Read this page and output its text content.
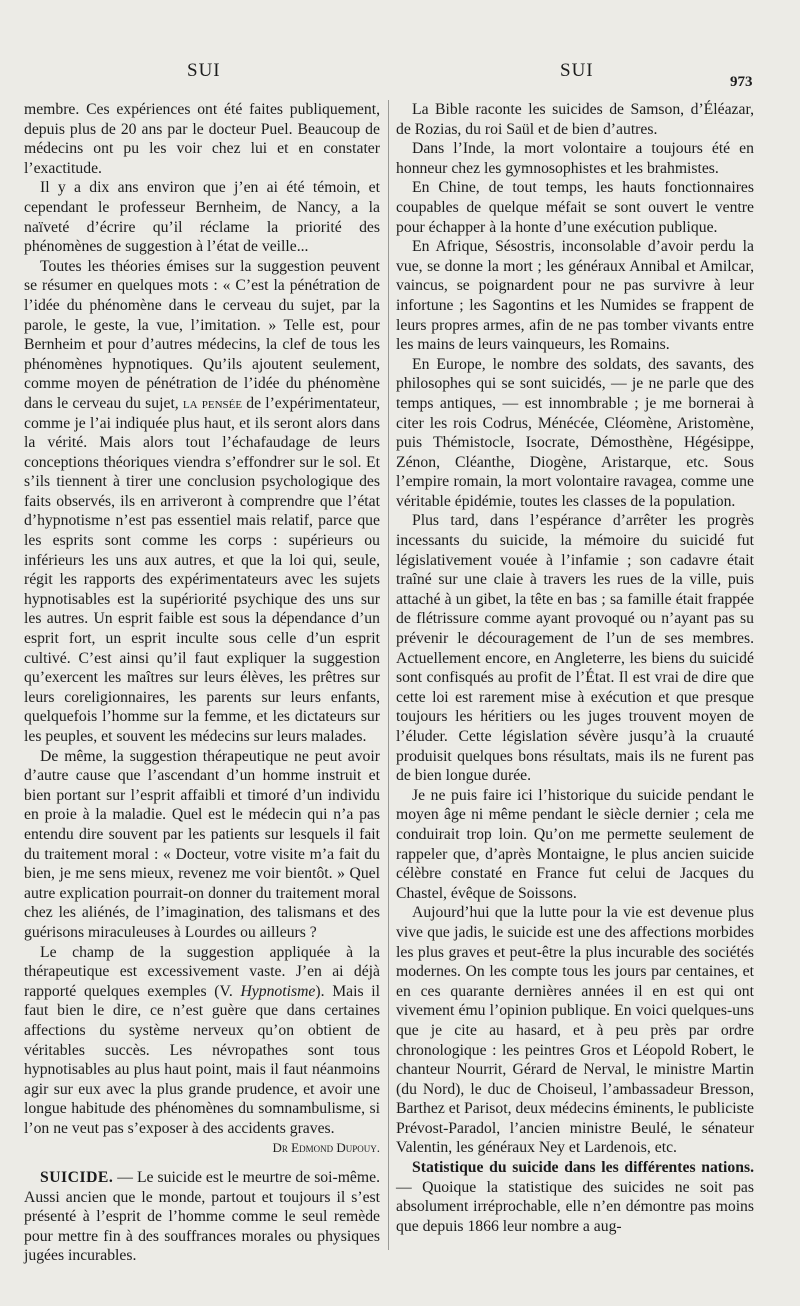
SUI	SUI
973

membre. Ces expériences ont été faites publiquement, depuis plus de 20 ans par le docteur Puel. Beaucoup de médecins ont pu les voir chez lui et en constater l’exactitude.

Il y a dix ans environ que j’en ai été témoin, et cependant le professeur Bernheim, de Nancy, a la naïveté d’écrire qu’il réclame la priorité des phénomènes de suggestion à l’état de veille...

Toutes les théories émises sur la suggestion peuvent se résumer en quelques mots : « C’est la pénétration de l’idée du phénomène dans le cerveau du sujet, par la parole, le geste, la vue, l’imitation. » Telle est, pour Bernheim et pour d’autres médecins, la clef de tous les phénomènes hypnotiques. Qu’ils ajoutent seulement, comme moyen de pénétration de l’idée du phénomène dans le cerveau du sujet, la pensée de l’expérimentateur, comme je l’ai indiquée plus haut, et ils seront alors dans la vérité. Mais alors tout l’échafaudage de leurs conceptions théoriques viendra s’effondrer sur le sol. Et s’ils tiennent à tirer une conclusion psychologique des faits observés, ils en arriveront à comprendre que l’état d’hypnotisme n’est pas essentiel mais relatif, parce que les esprits sont comme les corps : supérieurs ou inférieurs les uns aux autres, et que la loi qui, seule, régit les rapports des expérimentateurs avec les sujets hypnotisables est la supériorité psychique des uns sur les autres. Un esprit faible est sous la dépendance d’un esprit fort, un esprit inculte sous celle d’un esprit cultivé. C’est ainsi qu’il faut expliquer la suggestion qu’exercent les maîtres sur leurs élèves, les prêtres sur leurs coreligionnaires, les parents sur leurs enfants, quelquefois l’homme sur la femme, et les dictateurs sur les peuples, et souvent les médecins sur leurs malades.

De même, la suggestion thérapeutique ne peut avoir d’autre cause que l’ascendant d’un homme instruit et bien portant sur l’esprit affaibli et timoré d’un individu en proie à la maladie. Quel est le médecin qui n’a pas entendu dire souvent par les patients sur lesquels il fait du traitement moral : « Docteur, votre visite m’a fait du bien, je me sens mieux, revenez me voir bientôt. » Quel autre explication pourrait-on donner du traitement moral chez les aliénés, de l’imagination, des talismans et des guérisons miraculeuses à Lourdes ou ailleurs ?

Le champ de la suggestion appliquée à la thérapeutique est excessivement vaste. J’en ai déjà rapporté quelques exemples (V. Hypnotisme). Mais il faut bien le dire, ce n’est guère que dans certaines affections du système nerveux qu’on obtient de véritables succès. Les névropathes sont tous hypnotisables au plus haut point, mais il faut néanmoins agir sur eux avec la plus grande prudence, et avoir une longue habitude des phénomènes du somnambulisme, si l’on ne veut pas s’exposer à des accidents graves.
Dr Edmond Dupouy.

SUICIDE. — Le suicide est le meurtre de soi-même. Aussi ancien que le monde, partout et toujours il s’est présenté à l’esprit de l’homme comme le seul remède pour mettre fin à des souffrances morales ou physiques jugées incurables.

La Bible raconte les suicides de Samson, d’Éléazar, de Rozias, du roi Saül et de bien d’autres.

Dans l’Inde, la mort volontaire a toujours été en honneur chez les gymnosophistes et les brahmistes.

En Chine, de tout temps, les hauts fonctionnaires coupables de quelque méfait se sont ouvert le ventre pour échapper à la honte d’une exécution publique.

En Afrique, Sésostris, inconsolable d’avoir perdu la vue, se donne la mort ; les généraux Annibal et Amilcar, vaincus, se poignardent pour ne pas survivre à leur infortune ; les Sagontins et les Numides se frappent de leurs propres armes, afin de ne pas tomber vivants entre les mains de leurs vainqueurs, les Romains.

En Europe, le nombre des soldats, des savants, des philosophes qui se sont suicidés, — je ne parle que des temps antiques, — est innombrable ; je me bornerai à citer les rois Codrus, Ménécée, Cléomène, Aristomène, puis Thémistocle, Isocrate, Démosthène, Hégésippe, Zénon, Cléanthe, Diogène, Aristarque, etc. Sous l’empire romain, la mort volontaire ravagea, comme une véritable épidémie, toutes les classes de la population.

Plus tard, dans l’espérance d’arrêter les progrès incessants du suicide, la mémoire du suicidé fut législativement vouée à l’infamie ; son cadavre était traîné sur une claie à travers les rues de la ville, puis attaché à un gibet, la tête en bas ; sa famille était frappée de flétrissure comme ayant provoqué ou n’ayant pas su prévenir le découragement de l’un de ses membres. Actuellement encore, en Angleterre, les biens du suicidé sont confisqués au profit de l’État. Il est vrai de dire que cette loi est rarement mise à exécution et que presque toujours les héritiers ou les juges trouvent moyen de l’éluder. Cette législation sévère jusqu’à la cruauté produisit quelques bons résultats, mais ils ne furent pas de bien longue durée.

Je ne puis faire ici l’historique du suicide pendant le moyen âge ni même pendant le siècle dernier ; cela me conduirait trop loin. Qu’on me permette seulement de rappeler que, d’après Montaigne, le plus ancien suicide célèbre constaté en France fut celui de Jacques du Chastel, évêque de Soissons.

Aujourd’hui que la lutte pour la vie est devenue plus vive que jadis, le suicide est une des affections morbides les plus graves et peut-être la plus incurable des sociétés modernes. On les compte tous les jours par centaines, et en ces quarante dernières années il en est qui ont vivement ému l’opinion publique. En voici quelques-uns que je cite au hasard, et à peu près par ordre chronologique : les peintres Gros et Léopold Robert, le chanteur Nourrit, Gérard de Nerval, le ministre Martin (du Nord), le duc de Choiseul, l’ambassadeur Bresson, Barthez et Parisot, deux médecins éminents, le publiciste Prévost-Paradol, l’ancien ministre Beulé, le sénateur Valentin, les généraux Ney et Lardenois, etc.

Statistique du suicide dans les différentes nations. — Quoique la statistique des suicides ne soit pas absolument irréprochable, elle n’en démontre pas moins que depuis 1866 leur nombre a aug-
